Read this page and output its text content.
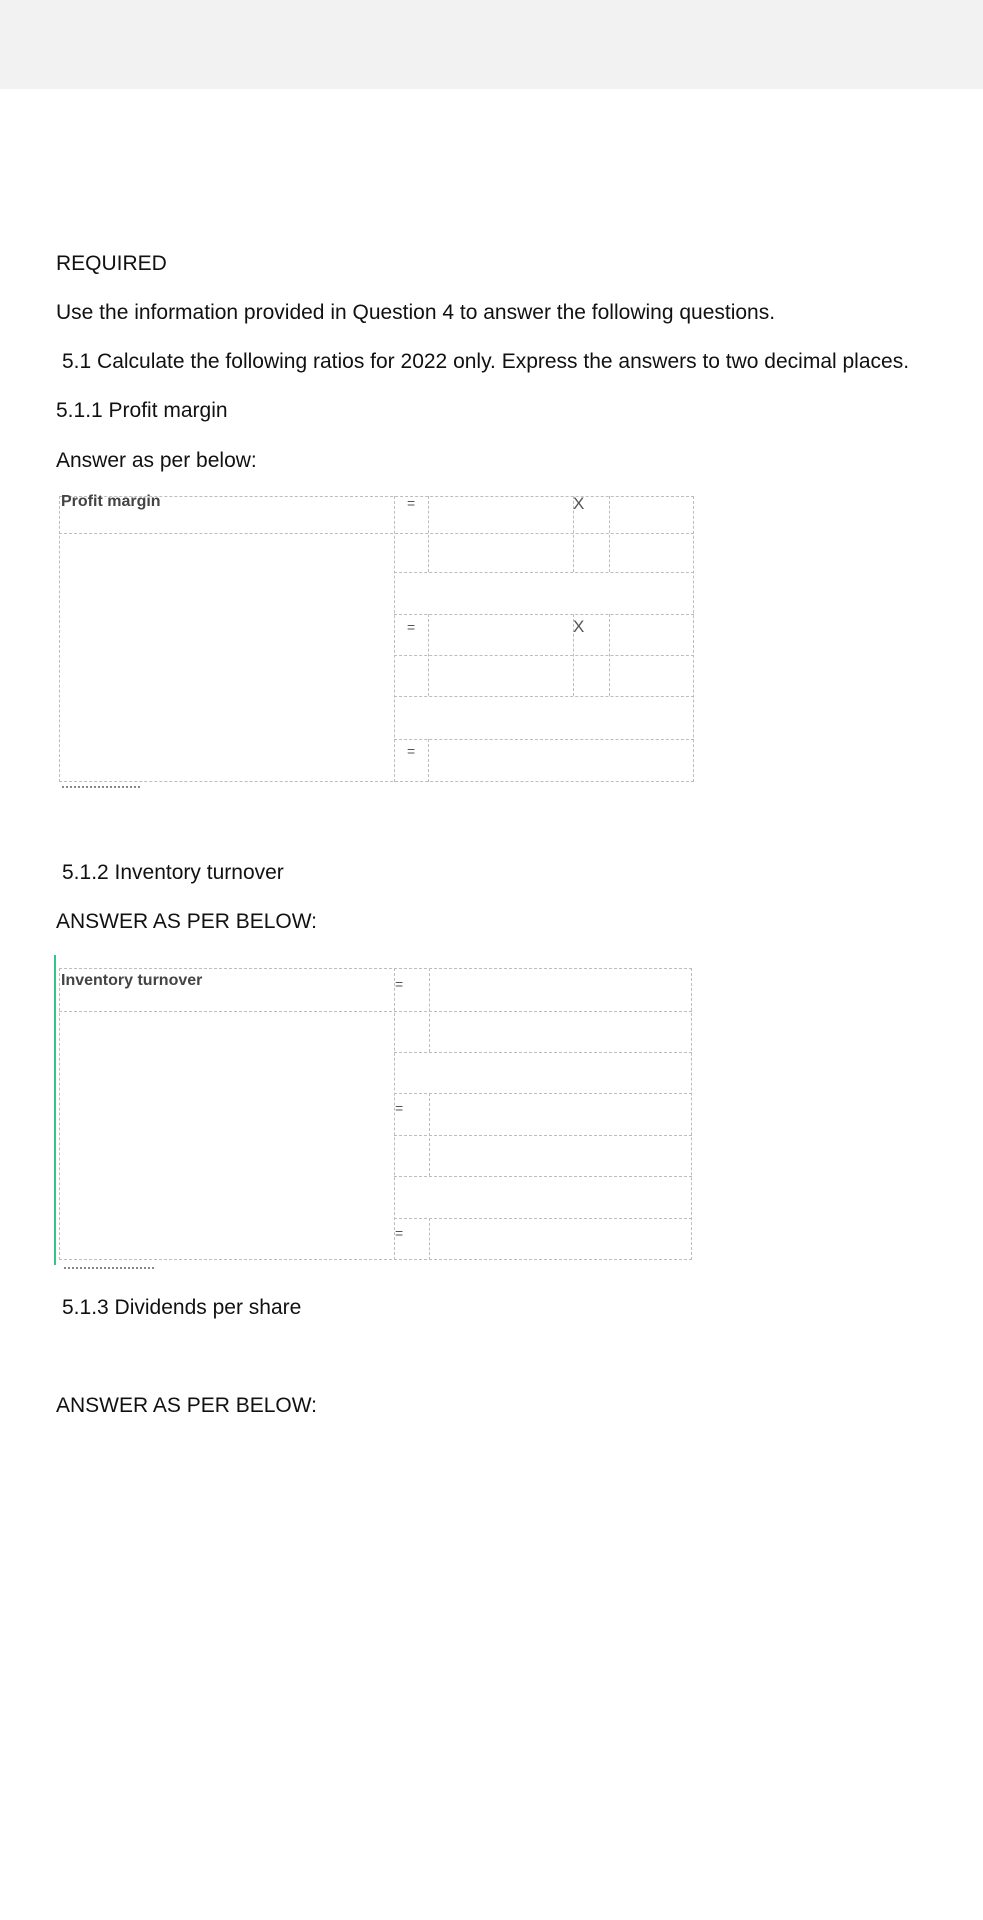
REQUIRED
Use the information provided in Question 4 to answer the following questions.
5.1 Calculate the following ratios for 2022 only. Express the answers to two decimal places.
5.1.1 Profit margin
Answer as per below:
Profit margin	=
=
=
X
X
5.1.2 Inventory turnover
ANSWER AS PER BELOW:
Inventory turnover	=
=
=
5.1.3 Dividends per share
ANSWER AS PER BELOW:
